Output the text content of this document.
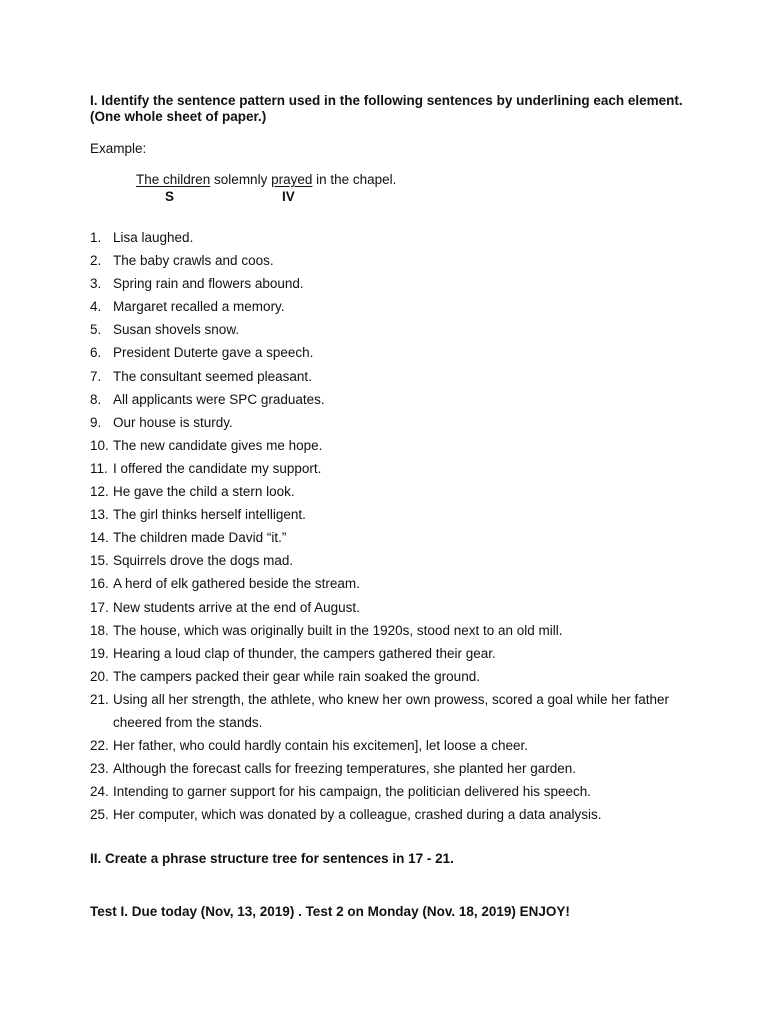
I. Identify the sentence pattern used in the following sentences by underlining each element. (One whole sheet of paper.)
Example:
The children solemnly prayed in the chapel.
S	IV
1. Lisa laughed.
2. The baby crawls and coos.
3. Spring rain and flowers abound.
4. Margaret recalled a memory.
5. Susan shovels snow.
6. President Duterte gave a speech.
7. The consultant seemed pleasant.
8. All applicants were SPC graduates.
9. Our house is sturdy.
10. The new candidate gives me hope.
11. I offered the candidate my support.
12. He gave the child a stern look.
13. The girl thinks herself intelligent.
14. The children made David “it.”
15. Squirrels drove the dogs mad.
16. A herd of elk gathered beside the stream.
17. New students arrive at the end of August.
18. The house, which was originally built in the 1920s, stood next to an old mill.
19. Hearing a loud clap of thunder, the campers gathered their gear.
20. The campers packed their gear while rain soaked the ground.
21. Using all her strength, the athlete, who knew her own prowess, scored a goal while her father cheered from the stands.
22. Her father, who could hardly contain his excitemen], let loose a cheer.
23. Although the forecast calls for freezing temperatures, she planted her garden.
24. Intending to garner support for his campaign, the politician delivered his speech.
25. Her computer, which was donated by a colleague, crashed during a data analysis.
II. Create a phrase structure tree for sentences in 17 - 21.
Test I. Due today (Nov, 13, 2019) . Test 2 on Monday (Nov. 18, 2019) ENJOY!
